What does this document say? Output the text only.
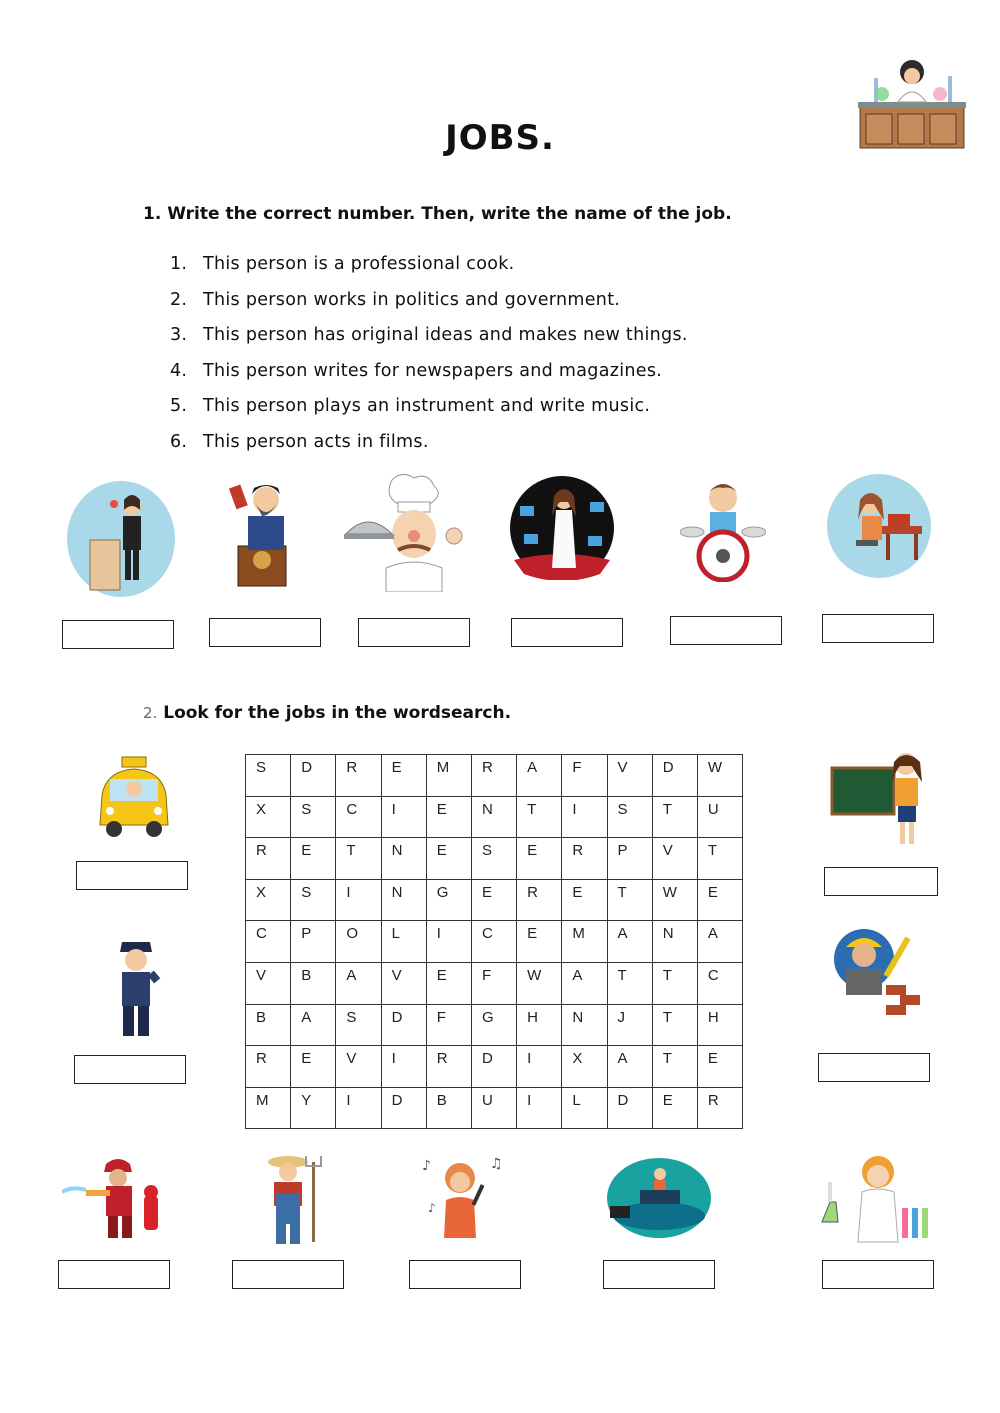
JOBS.
1. Write the correct number. Then, write the name of the job.
1. This person is a professional cook.
2. This person works in politics and government.
3. This person has original ideas and makes new things.
4. This person writes for newspapers and magazines.
5. This person plays an instrument and write music.
6. This person acts in films.
2. Look for the jobs in the wordsearch.
S	D	R	E	M	R	A	F	V	D	W
X	S	C	I	E	N	T	I	S	T	U
R	E	T	N	E	S	E	R	P	V	T
X	S	I	N	G	E	R	E	T	W	E
C	P	O	L	I	C	E	M	A	N	A
V	B	A	V	E	F	W	A	T	T	C
B	A	S	D	F	G	H	N	J	T	H
R	E	V	I	R	D	I	X	A	T	E
M	Y	I	D	B	U	I	L	D	E	R
♪	♫
♪
